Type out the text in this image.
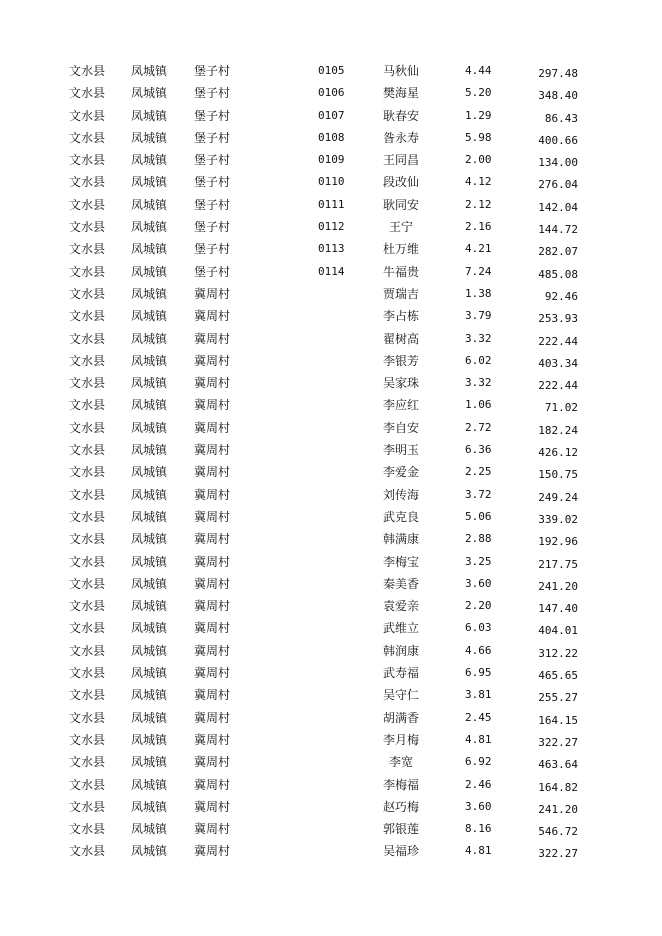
文水县 凤城镇 堡子村	0105	马秋仙	4.44	297.48
文水县 凤城镇 堡子村	0106	樊海星	5.20	348.40
文水县 凤城镇 堡子村	0107	耿春安	1.29	86.43
文水县 凤城镇 堡子村	0108	昝永寿	5.98	400.66
文水县 凤城镇 堡子村	0109	王同昌	2.00	134.00
文水县 凤城镇 堡子村	0110	段改仙	4.12	276.04
文水县 凤城镇 堡子村	0111	耿同安	2.12	142.04
文水县 凤城镇 堡子村	0112	王宁	2.16	144.72
文水县 凤城镇 堡子村	0113	杜万维	4.21	282.07
文水县 凤城镇 堡子村	0114	牛福贵	7.24	485.08
文水县 凤城镇 冀周村	贾瑞吉	1.38	92.46
文水县 凤城镇 冀周村	李占栋	3.79	253.93
文水县 凤城镇 冀周村	翟树高	3.32	222.44
文水县 凤城镇 冀周村	李银芳	6.02	403.34
文水县 凤城镇 冀周村	吴家珠	3.32	222.44
文水县 凤城镇 冀周村	李应红	1.06	71.02
文水县 凤城镇 冀周村	李自安	2.72	182.24
文水县 凤城镇 冀周村	李明玉	6.36	426.12
文水县 凤城镇 冀周村	李爱金	2.25	150.75
文水县 凤城镇 冀周村	刘传海	3.72	249.24
文水县 凤城镇 冀周村	武克良	5.06	339.02
文水县 凤城镇 冀周村	韩满康	2.88	192.96
文水县 凤城镇 冀周村	李梅宝	3.25	217.75
文水县 凤城镇 冀周村	秦美香	3.60	241.20
文水县 凤城镇 冀周村	袁爱亲	2.20	147.40
文水县 凤城镇 冀周村	武维立	6.03	404.01
文水县 凤城镇 冀周村	韩润康	4.66	312.22
文水县 凤城镇 冀周村	武寿福	6.95	465.65
文水县 凤城镇 冀周村	吴守仁	3.81	255.27
文水县 凤城镇 冀周村	胡满香	2.45	164.15
文水县 凤城镇 冀周村	李月梅	4.81	322.27
文水县 凤城镇 冀周村	李宽	6.92	463.64
文水县 凤城镇 冀周村	李梅福	2.46	164.82
文水县 凤城镇 冀周村	赵巧梅	3.60	241.20
文水县 凤城镇 冀周村	郭银莲	8.16	546.72
文水县 凤城镇 冀周村	吴福珍	4.81	322.27
